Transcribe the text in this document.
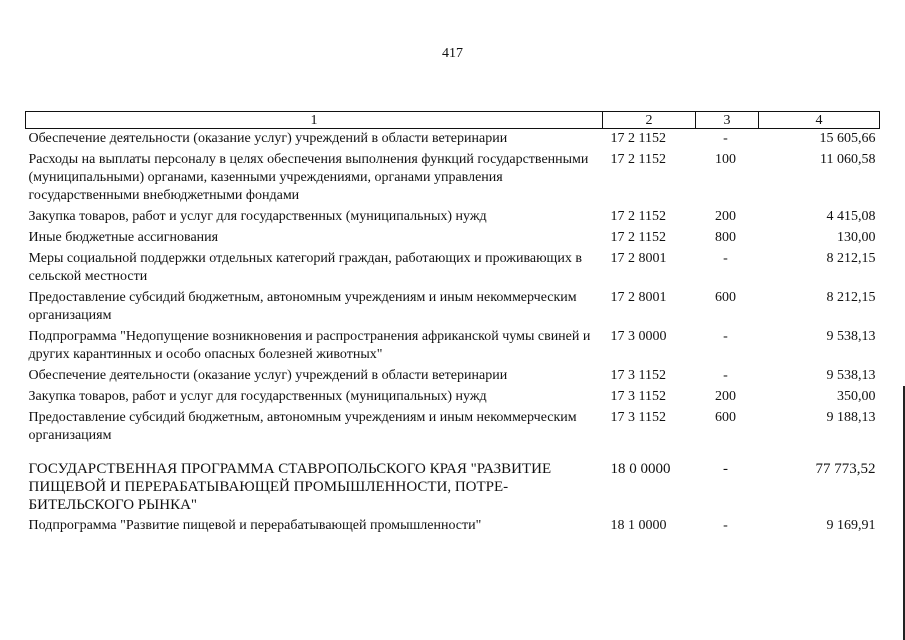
417
1	2	3	4
Обеспечение деятельности (оказание услуг) учреждений в области ветеринарии	17 2 1152	-	15 605,66
Расходы на выплаты персоналу в целях обеспечения выполнения функций государственными (муниципальными) органами, казенными учреждениями, органами управления государственными внебюджетными фондами	17 2 1152	100	11 060,58
Закупка товаров, работ и услуг для государственных (муниципальных) нужд	17 2 1152	200	4 415,08
Иные бюджетные ассигнования	17 2 1152	800	130,00
Меры социальной поддержки отдельных категорий граждан, работающих и проживающих в сельской местности	17 2 8001	-	8 212,15
Предоставление субсидий бюджетным, автономным учреждениям и иным некоммерческим организациям	17 2 8001	600	8 212,15
Подпрограмма "Недопущение возникновения и распространения африканской чумы свиней и других карантинных и особо опасных болезней животных"	17 3 0000	-	9 538,13
Обеспечение деятельности (оказание услуг) учреждений в области ветеринарии	17 3 1152	-	9 538,13
Закупка товаров, работ и услуг для государственных (муниципальных) нужд	17 3 1152	200	350,00
Предоставление субсидий бюджетным, автономным учреждениям и иным некоммерческим организациям	17 3 1152	600	9 188,13

ГОСУДАРСТВЕННАЯ ПРОГРАММА СТАВРОПОЛЬСКОГО КРАЯ "РАЗВИТИЕ ПИЩЕВОЙ И ПЕРЕРАБАТЫВАЮЩЕЙ ПРОМЫШЛЕННОСТИ, ПОТРЕ-БИТЕЛЬСКОГО РЫНКА"	18 0 0000	-	77 773,52
Подпрограмма "Развитие пищевой и перерабатывающей промышленности"	18 1 0000	-	9 169,91
